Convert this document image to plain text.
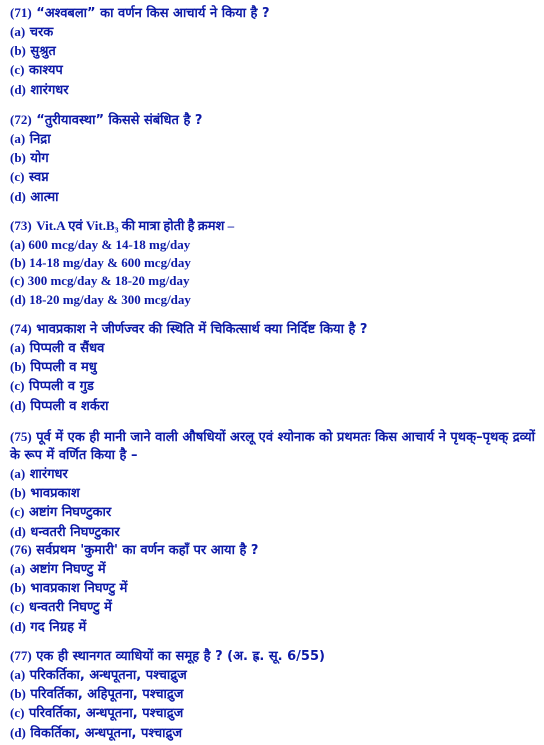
(71) “अश्वबला” का वर्णन किस आचार्य ने किया है ?
(a) चरक
(b) सुश्रुत
(c) काश्यप
(d) शारंगधर
(72) “तुरीयावस्था” किससे संबंधित है ?
(a) निद्रा
(b) योग
(c) स्वप्न
(d) आत्मा
(73) Vit.A एवं Vit.B₃ की मात्रा होती है क्रमश –
(a) 600 mcg/day & 14-18 mg/day
(b) 14-18 mg/day & 600 mcg/day
(c) 300 mcg/day & 18-20 mg/day
(d) 18-20 mg/day & 300 mcg/day
(74) भावप्रकाश ने जीर्णज्वर की स्थिति में चिकित्सार्थ क्या निर्दिष्ट किया है ?
(a) पिप्पली व सैंधव
(b) पिप्पली व मधु
(c) पिप्पली व गुड
(d) पिप्पली व शर्करा
(75) पूर्व में एक ही मानी जाने वाली औषधियों अरलू एवं श्योनाक को प्रथमतः किस आचार्य ने पृथक्–पृथक् द्रव्यों के रूप में वर्णित किया है –
(a) शारंगधर
(b) भावप्रकाश
(c) अष्टांग निघण्टुकार
(d) धन्वतरी निघण्टुकार
(76) सर्वप्रथम 'कुमारी' का वर्णन कहाँ पर आया है ?
(a) अष्टांग निघण्टु में
(b) भावप्रकाश निघण्टु में
(c) धन्वतरी निघण्टु में
(d) गद निग्रह में
(77) एक ही स्थानगत व्याधियों का समूह है ? (अ. ह्र. सू. 6/55)
(a) परिकर्तिका, अन्धपूतना, पश्चाद्रुज
(b) परिवर्तिका, अहिपूतना, पश्चाद्रुज
(c) परिवर्तिका, अन्धपूतना, पश्चाद्रुज
(d) विकर्तिका, अन्धपूतना, पश्चाद्रुज
